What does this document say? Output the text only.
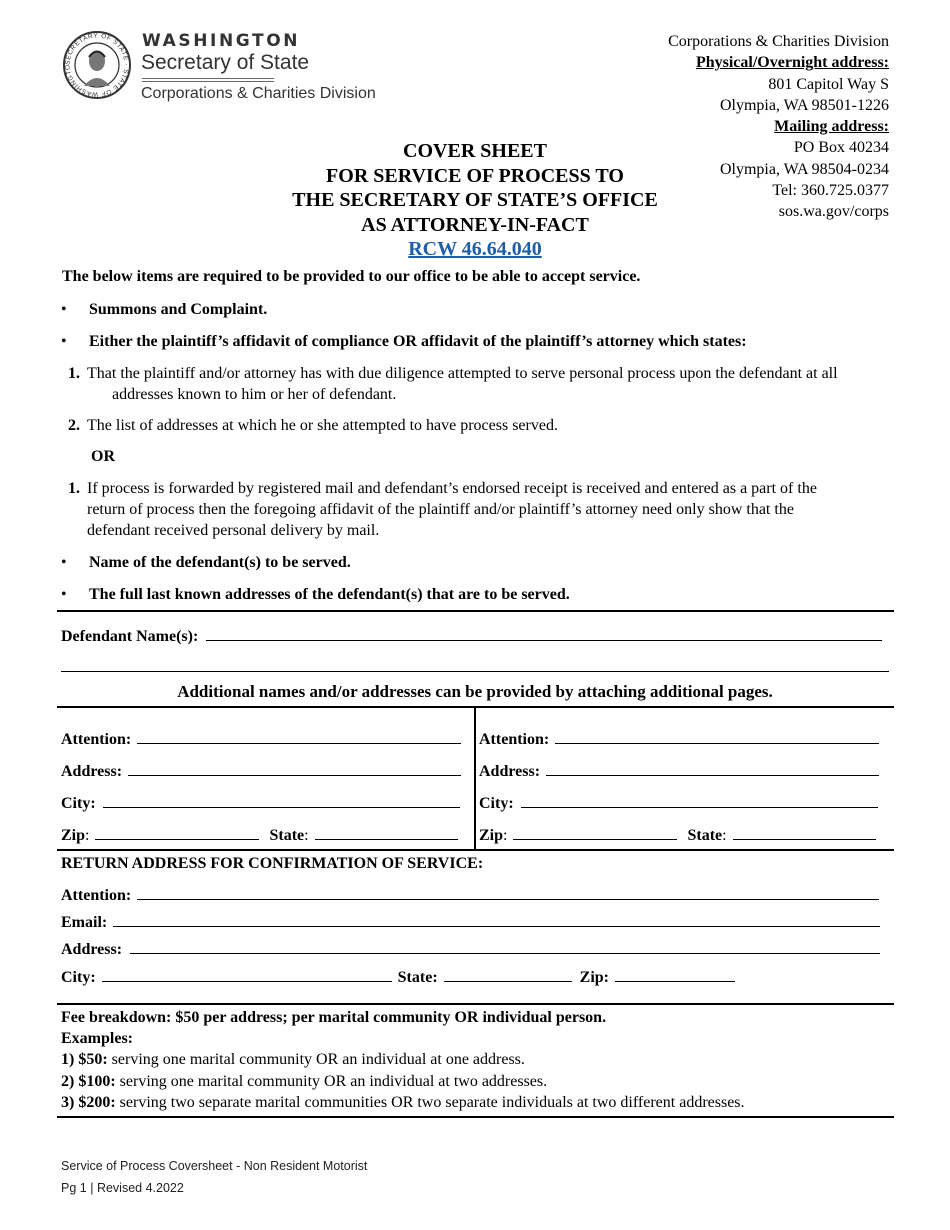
SECRETARY OF STATE · STATE OF WASHINGTO
WASHINGTON
Secretary of State
Corporations & Charities Division
Corporations & Charities Division
Physical/Overnight address:
801 Capitol Way S
Olympia, WA 98501-1226
Mailing address:
PO Box 40234
Olympia, WA 98504-0234
Tel: 360.725.0377
sos.wa.gov/corps
COVER SHEET
FOR SERVICE OF PROCESS TO
THE SECRETARY OF STATE’S OFFICE
AS ATTORNEY-IN-FACT
RCW 46.64.040
The below items are required to be provided to our office to be able to accept service.
• Summons and Complaint.
• Either the plaintiff’s affidavit of compliance OR affidavit of the plaintiff’s attorney which states:
1. That the plaintiff and/or attorney has with due diligence attempted to serve personal process upon the defendant at all
addresses known to him or her of defendant.
2. The list of addresses at which he or she attempted to have process served.
OR
1. If process is forwarded by registered mail and defendant’s endorsed receipt is received and entered as a part of the
return of process then the foregoing affidavit of the plaintiff and/or plaintiff’s attorney need only show that the
defendant received personal delivery by mail.
• Name of the defendant(s) to be served.
• The full last known addresses of the defendant(s) that are to be served.
Defendant Name(s):
Additional names and/or addresses can be provided by attaching additional pages.
Attention:
Address:
City:
Zip:	State:
Attention:
Address:
City:
Zip:	State:
RETURN ADDRESS FOR CONFIRMATION OF SERVICE:
Attention:
Email:
Address:
City:	State:	Zip:
Fee breakdown: $50 per address; per marital community OR individual person.
Examples:
1) $50: serving one marital community OR an individual at one address.
2) $100: serving one marital community OR an individual at two addresses.
3) $200: serving two separate marital communities OR two separate individuals at two different addresses.
Service of Process Coversheet - Non Resident Motorist
Pg 1 | Revised 4.2022
